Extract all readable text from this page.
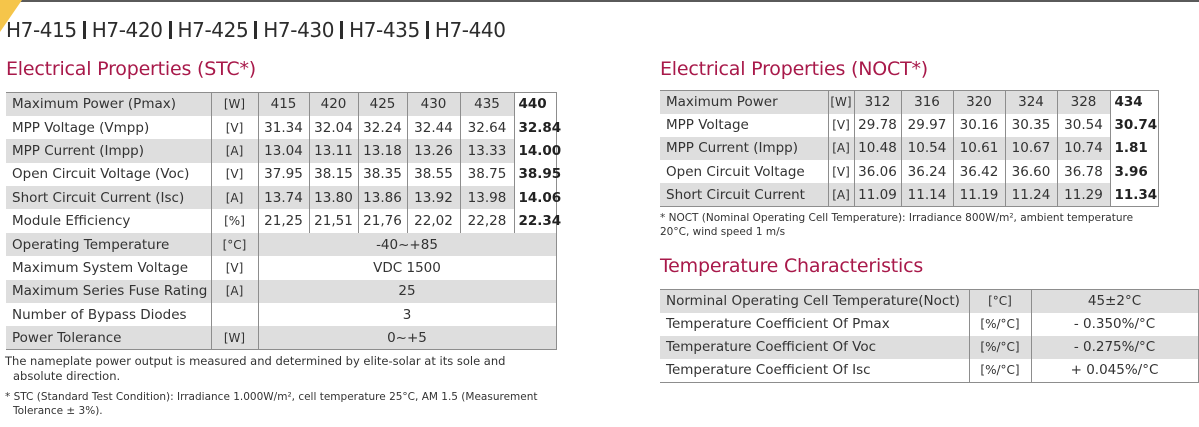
H7-415 H7-420 H7-425 H7-430 H7-435 H7-440
Electrical Properties (STC*)
Maximum Power (Pmax)	[W]	415	420	425	430	435	440
MPP Voltage (Vmpp)	[V]	31.34	32.04	32.24	32.44	32.64	32.84
MPP Current (Impp)	[A]	13.04	13.11	13.18	13.26	13.33	14.00
Open Circuit Voltage (Voc)	[V]	37.95	38.15	38.35	38.55	38.75	38.95
Short Circuit Current (Isc)	[A]	13.74	13.80	13.86	13.92	13.98	14.06
Module Efficiency	[%]	21,25	21,51	21,76	22,02	22,28	22.34
Operating Temperature	[°C]	-40~+85					
Maximum System Voltage	[V]	VDC 1500					
Maximum Series Fuse Rating	[A]	25					
Number of Bypass Diodes		3					
Power Tolerance	[W]	0~+5					
The nameplate power output is measured and determined by elite-solar at its sole and
absolute direction.
* STC (Standard Test Condition): Irradiance 1.000W/m², cell temperature 25°C, AM 1.5 (Measurement
Tolerance ± 3%).
Electrical Properties (NOCT*)
Maximum Power	[W]	312	316	320	324	328	434
MPP Voltage	[V]	29.78	29.97	30.16	30.35	30.54	30.74
MPP Current (Impp)	[A]	10.48	10.54	10.61	10.67	10.74	1.81
Open Circuit Voltage	[V]	36.06	36.24	36.42	36.60	36.78	3.96
Short Circuit Current	[A]	11.09	11.14	11.19	11.24	11.29	11.34
* NOCT (Nominal Operating Cell Temperature): Irradiance 800W/m², ambient temperature
20°C, wind speed 1 m/s
Temperature Characteristics
Norminal Operating Cell Temperature(Noct)	[°C]	45±2°C
Temperature Coefficient Of Pmax	[%/°C]	- 0.350%/°C
Temperature Coefficient Of Voc	[%/°C]	- 0.275%/°C
Temperature Coefficient Of Isc	[%/°C]	+ 0.045%/°C
